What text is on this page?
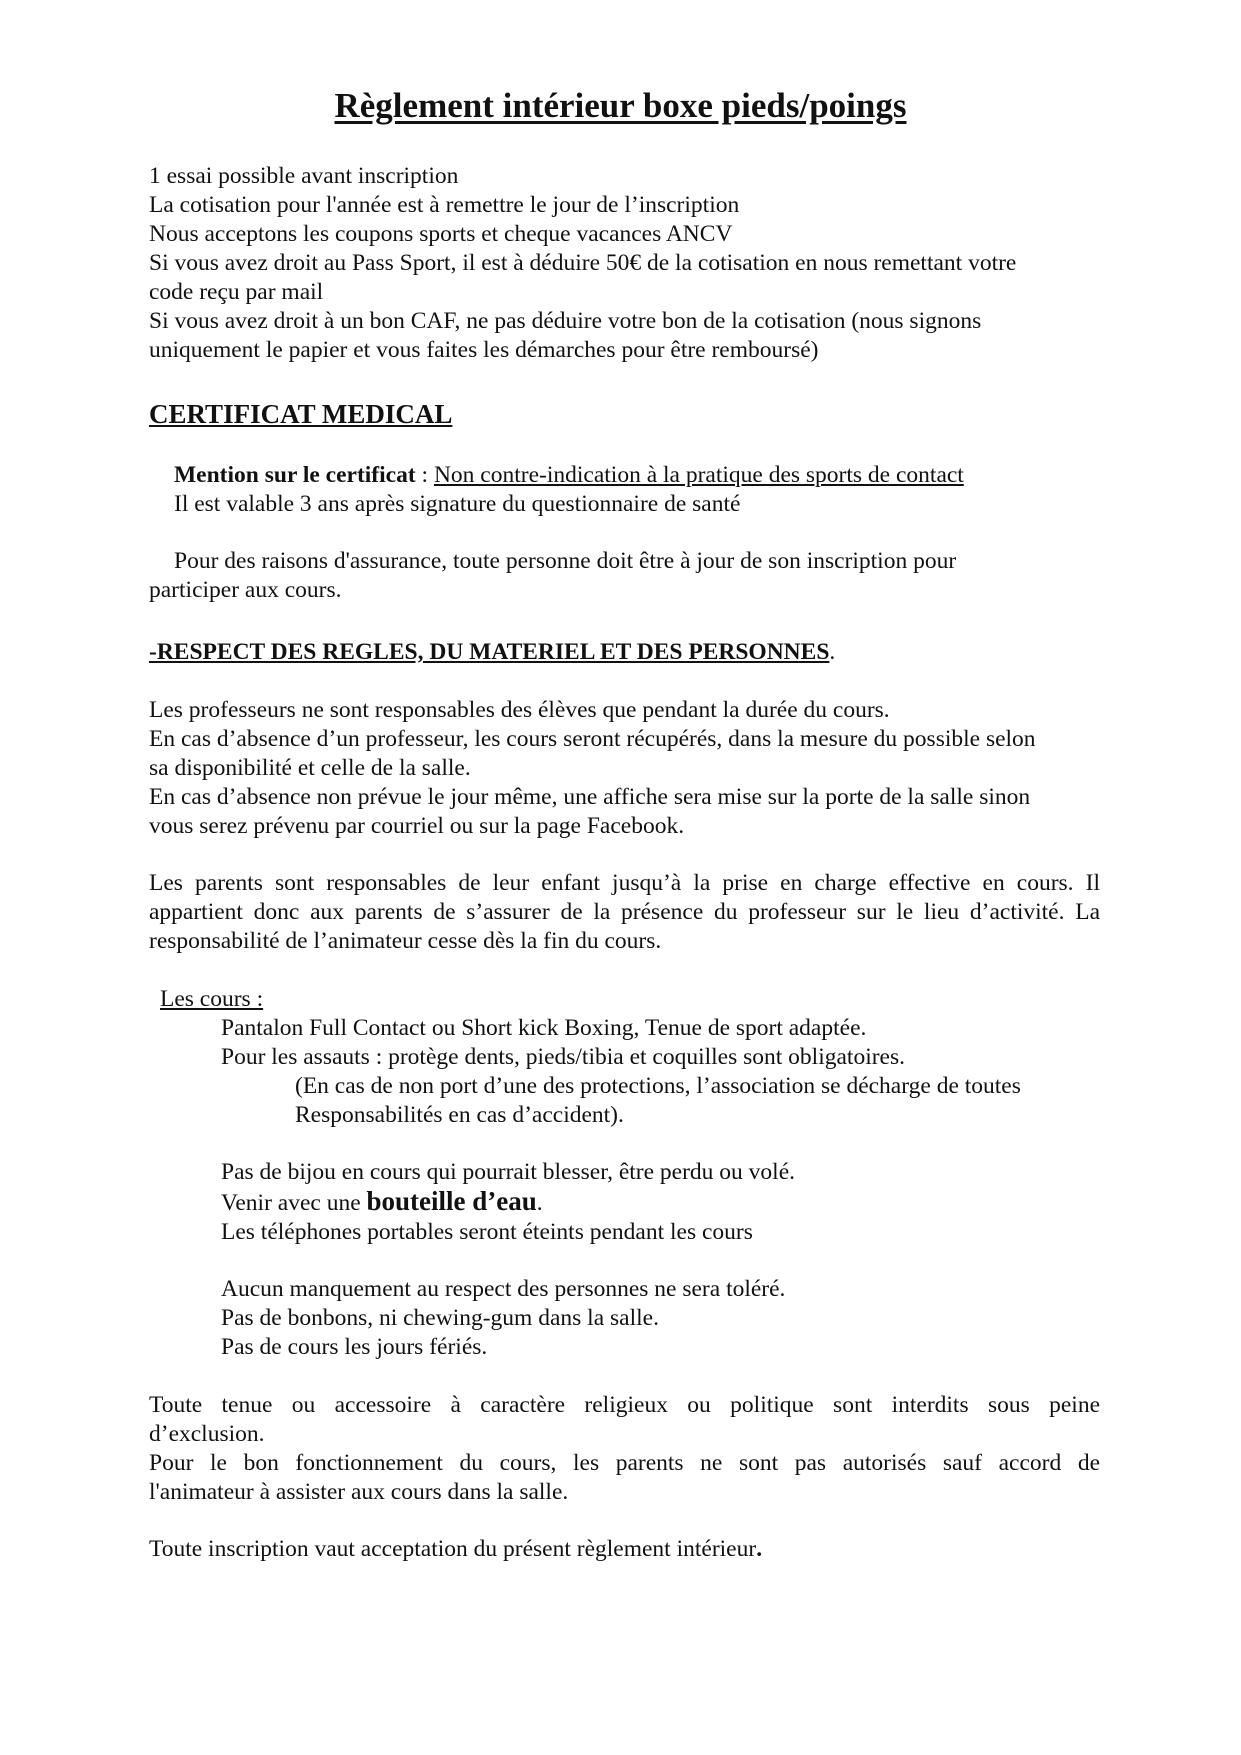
Règlement intérieur boxe pieds/poings
1 essai possible avant inscription
La cotisation pour l'année est à remettre le jour de l’inscription
Nous acceptons les coupons sports et cheque vacances ANCV
Si vous avez droit au Pass Sport, il est à déduire 50€ de la cotisation en nous remettant votre
code reçu par mail
Si vous avez droit à un bon CAF, ne pas déduire votre bon de la cotisation (nous signons
uniquement le papier et vous faites les démarches pour être remboursé)
CERTIFICAT MEDICAL
Mention sur le certificat : Non contre-indication à la pratique des sports de contact
Il est valable 3 ans après signature du questionnaire de santé
Pour des raisons d'assurance, toute personne doit être à jour de son inscription pour
participer aux cours.
-RESPECT DES REGLES, DU MATERIEL ET DES PERSONNES.
Les professeurs ne sont responsables des élèves que pendant la durée du cours.
En cas d’absence d’un professeur, les cours seront récupérés, dans la mesure du possible selon
sa disponibilité et celle de la salle.
En cas d’absence non prévue le jour même, une affiche sera mise sur la porte de la salle sinon
vous serez prévenu par courriel ou sur la page Facebook.
Les parents sont responsables de leur enfant jusqu’à la prise en charge effective en cours. Il
appartient donc aux parents de s’assurer de la présence du professeur sur le lieu d’activité. La
responsabilité de l’animateur cesse dès la fin du cours.
Les cours :
Pantalon Full Contact ou Short kick Boxing, Tenue de sport adaptée.
Pour les assauts : protège dents, pieds/tibia et coquilles sont obligatoires.
(En cas de non port d’une des protections, l’association se décharge de toutes
Responsabilités en cas d’accident).
Pas de bijou en cours qui pourrait blesser, être perdu ou volé.
Venir avec une bouteille d’eau.
Les téléphones portables seront éteints pendant les cours
Aucun manquement au respect des personnes ne sera toléré.
Pas de bonbons, ni chewing-gum dans la salle.
Pas de cours les jours fériés.
Toute tenue ou accessoire à caractère religieux ou politique sont interdits sous peine
d’exclusion.
Pour le bon fonctionnement du cours, les parents ne sont pas autorisés sauf accord de
l'animateur à assister aux cours dans la salle.
Toute inscription vaut acceptation du présent règlement intérieur.
